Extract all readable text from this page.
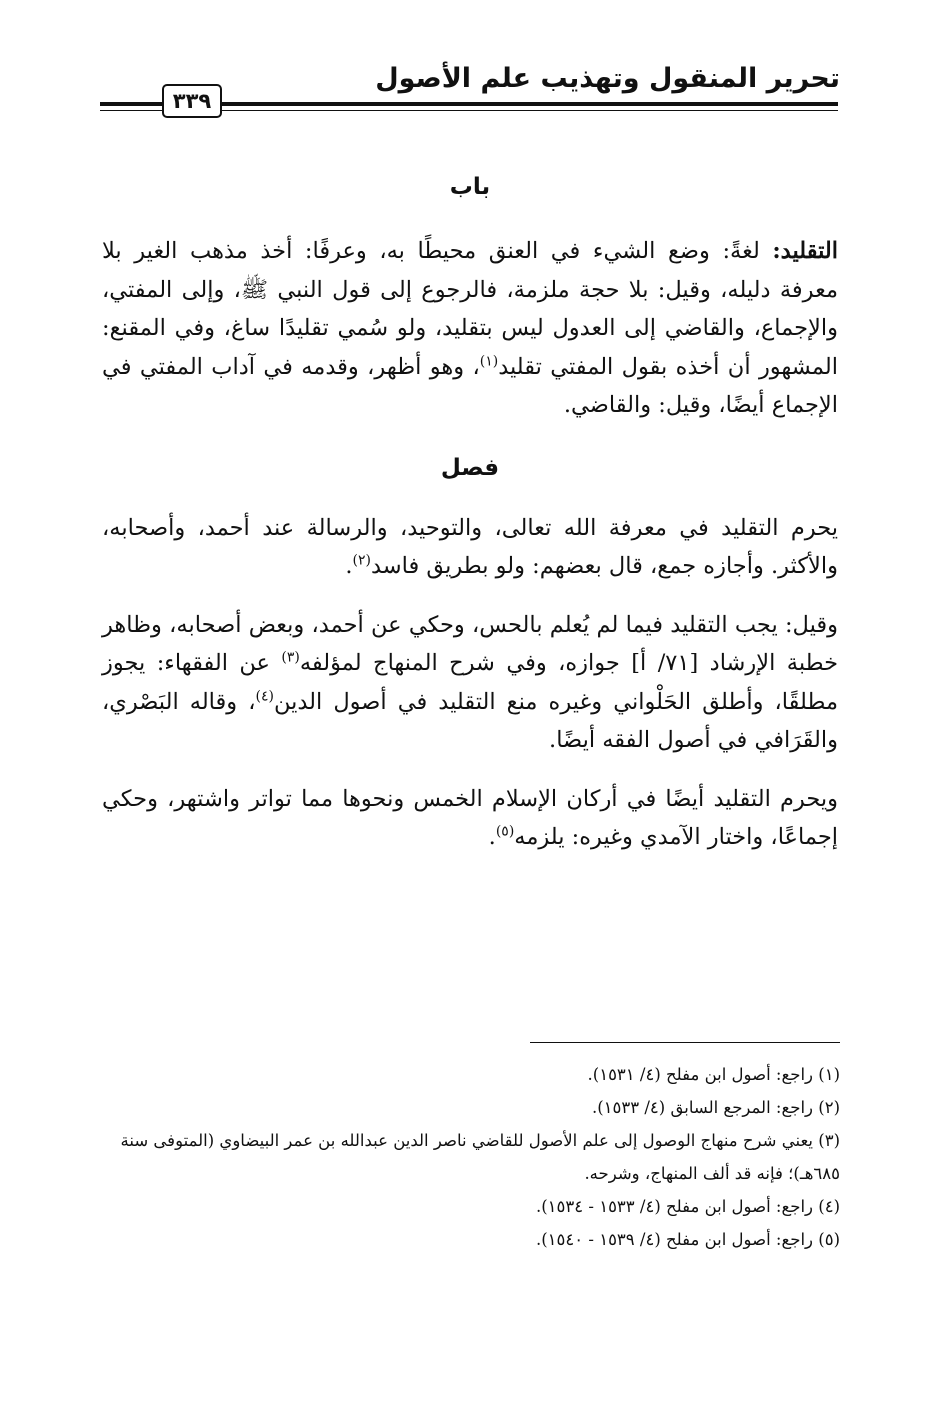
تحرير المنقول وتهذيب علم الأصول
٣٣٩
باب

التقليد: لغةً: وضع الشيء في العنق محيطًا به، وعرفًا: أخذ مذهب الغير بلا معرفة دليله، وقيل: بلا حجة ملزمة، فالرجوع إلى قول النبي ﷺ، وإلى المفتي، والإجماع، والقاضي إلى العدول ليس بتقليد، ولو سُمي تقليدًا ساغ، وفي المقنع: المشهور أن أخذه بقول المفتي تقليد$^{(١)}$، وهو أظهر، وقدمه في آداب المفتي في الإجماع أيضًا، وقيل: والقاضي.

فصل

يحرم التقليد في معرفة الله تعالى، والتوحيد، والرسالة عند أحمد، وأصحابه، والأكثر. وأجازه جمع، قال بعضهم: ولو بطريق فاسد$^{(٢)}$.

وقيل: يجب التقليد فيما لم يُعلم بالحس، وحكي عن أحمد، وبعض أصحابه، وظاهر خطبة الإرشاد [٧١/ أ] جوازه، وفي شرح المنهاج لمؤلفه$^{(٣)}$ عن الفقهاء: يجوز مطلقًا، وأطلق الحَلْواني وغيره منع التقليد في أصول الدين$^{(٤)}$، وقاله البَصْري، والقَرَافي في أصول الفقه أيضًا.

ويحرم التقليد أيضًا في أركان الإسلام الخمس ونحوها مما تواتر واشتهر، وحكي إجماعًا، واختار الآمدي وغيره: يلزمه$^{(٥)}$.

(١) راجع: أصول ابن مفلح (٤/ ١٥٣١).

(٢) راجع: المرجع السابق (٤/ ١٥٣٣).

(٣) يعني شرح منهاج الوصول إلى علم الأصول للقاضي ناصر الدين عبدالله بن عمر البيضاوي (المتوفى سنة ٦٨٥هـ)؛ فإنه قد ألف المنهاج، وشرحه.

(٤) راجع: أصول ابن مفلح (٤/ ١٥٣٣ - ١٥٣٤).

(٥) راجع: أصول ابن مفلح (٤/ ١٥٣٩ - ١٥٤٠).
